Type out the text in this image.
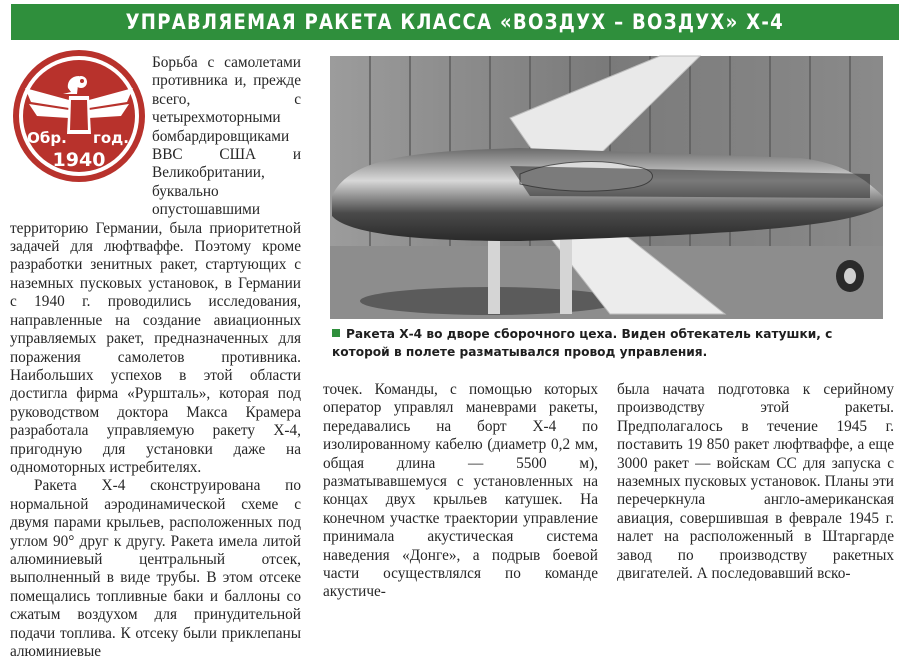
УПРАВЛЯЕМАЯ РАКЕТА КЛАССА «ВОЗДУХ – ВОЗДУХ» Х-4
Обр. год.
1940

Борьба с самолетами противника и, прежде всего, с четырехмоторными бомбардировщиками ВВС США и Великобритании, буквально опустошавшими территорию Германии, была приоритетной задачей для люфтваффе. Поэтому кроме разработки зенитных ракет, стартующих с наземных пусковых установок, в Германии с 1940 г. проводились исследования, направленные на создание авиационных управляемых ракет, предназначенных для поражения самолетов противника. Наибольших успехов в этой области достигла фирма «Руршталь», которая под руководством доктора Макса Крамера разработала управляемую ракету Х-4, пригодную для установки даже на одномоторных истребителях.

Ракета Х-4 сконструирована по нормальной аэродинамической схеме с двумя парами крыльев, расположенных под углом 90° друг к другу. Ракета имела литой алюминиевый центральный отсек, выполненный в виде трубы. В этом отсеке помещались топливные баки и баллоны со сжатым воздухом для принудительной подачи топлива. К отсеку были приклепаны алюминиевые

Ракета Х-4 во дворе сборочного цеха. Виден обтекатель катушки, с которой в полете разматывался провод управления.

точек. Команды, с помощью которых оператор управлял маневрами ракеты, передавались на борт Х-4 по изолированному кабелю (диаметр 0,2 мм, общая длина — 5500 м), разматывавшемуся с установленных на концах двух крыльев катушек. На конечном участке траектории управление принимала акустическая система наведения «Донге», а подрыв боевой части осуществлялся по команде акустиче-

была начата подготовка к серийному производству этой ракеты. Предполагалось в течение 1945 г. поставить 19 850 ракет люфтваффе, а еще 3000 ракет — войскам СС для запуска с наземных пусковых установок. Планы эти перечеркнула англо-американская авиация, совершившая в феврале 1945 г. налет на расположенный в Штаргарде завод по производству ракетных двигателей. А последовавший вско-
